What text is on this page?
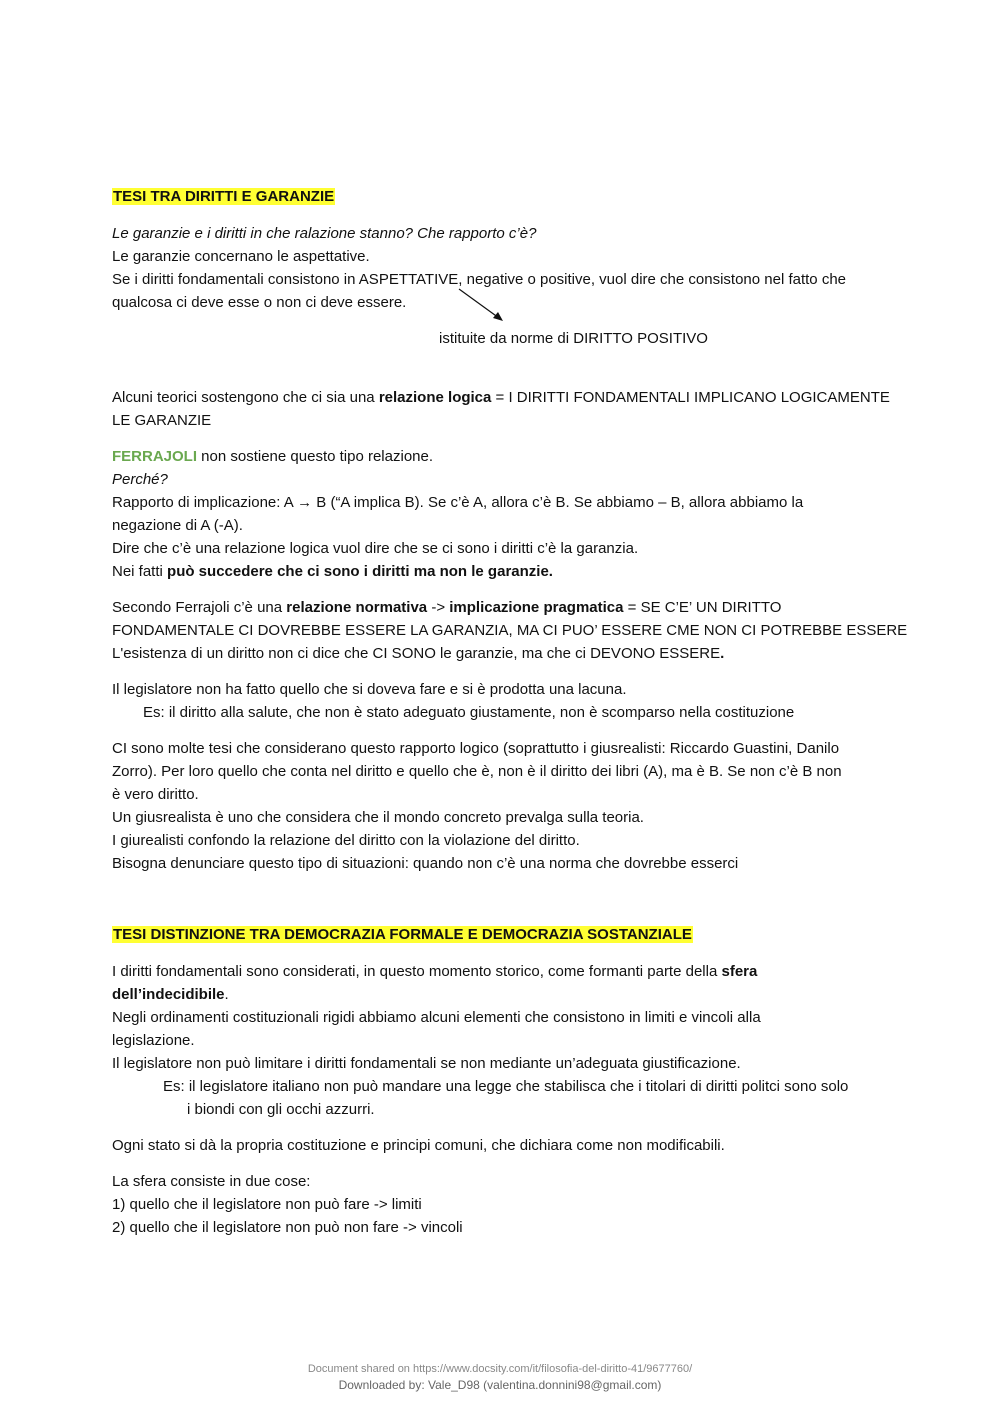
TESI TRA DIRITTI E GARANZIE

Le garanzie e i diritti in che ralazione stanno? Che rapporto c’è?

Le garanzie concernano le aspettative.

Se i diritti fondamentali consistono in ASPETTATIVE, negative o positive, vuol dire che consistono nel fatto che

qualcosa ci deve esse o non ci deve essere.

istituite da norme di DIRITTO POSITIVO

Alcuni teorici sostengono che ci sia una relazione logica = I DIRITTI FONDAMENTALI IMPLICANO LOGICAMENTE

LE GARANZIE

FERRAJOLI non sostiene questo tipo relazione.

Perché?

Rapporto di implicazione: A → B (“A implica B). Se c’è A, allora c’è B. Se abbiamo – B, allora abbiamo la

negazione di A (-A).

Dire che c’è una relazione logica vuol dire che se ci sono i diritti c’è la garanzia.

Nei fatti può succedere che ci sono i diritti ma non le garanzie.

Secondo Ferrajoli c’è una relazione normativa -> implicazione pragmatica = SE C’E’ UN DIRITTO

FONDAMENTALE CI DOVREBBE ESSERE LA GARANZIA, MA CI PUO’ ESSERE CME NON CI POTREBBE ESSERE

L'esistenza di un diritto non ci dice che CI SONO le garanzie, ma che ci DEVONO ESSERE.

Il legislatore non ha fatto quello che si doveva fare e si è prodotta una lacuna.

Es: il diritto alla salute, che non è stato adeguato giustamente, non è scomparso nella costituzione

CI sono molte tesi che considerano questo rapporto logico (soprattutto i giusrealisti: Riccardo Guastini, Danilo

Zorro). Per loro quello che conta nel diritto e quello che è, non è il diritto dei libri (A), ma è B. Se non c’è B non

è vero diritto.

Un giusrealista è uno che considera che il mondo concreto prevalga sulla teoria.

I giurealisti confondo la relazione del diritto con la violazione del diritto.

Bisogna denunciare questo tipo di situazioni: quando non c’è una norma che dovrebbe esserci

TESI DISTINZIONE TRA DEMOCRAZIA FORMALE E DEMOCRAZIA SOSTANZIALE

I diritti fondamentali sono considerati, in questo momento storico, come formanti parte della sfera

dell’indecidibile.

Negli ordinamenti costituzionali rigidi abbiamo alcuni elementi che consistono in limiti e vincoli alla

legislazione.

Il legislatore non può limitare i diritti fondamentali se non mediante un’adeguata giustificazione.

Es: il legislatore italiano non può mandare una legge che stabilisca che i titolari di diritti politci sono solo

i biondi con gli occhi azzurri.

Ogni stato si dà la propria costituzione e principi comuni, che dichiara come non modificabili.

La sfera consiste in due cose:

1) quello che il legislatore non può fare -> limiti

2) quello che il legislatore non può non fare -> vincoli

Document shared on https://www.docsity.com/it/filosofia-del-diritto-41/9677760/
Downloaded by: Vale_D98 (valentina.donnini98@gmail.com)
